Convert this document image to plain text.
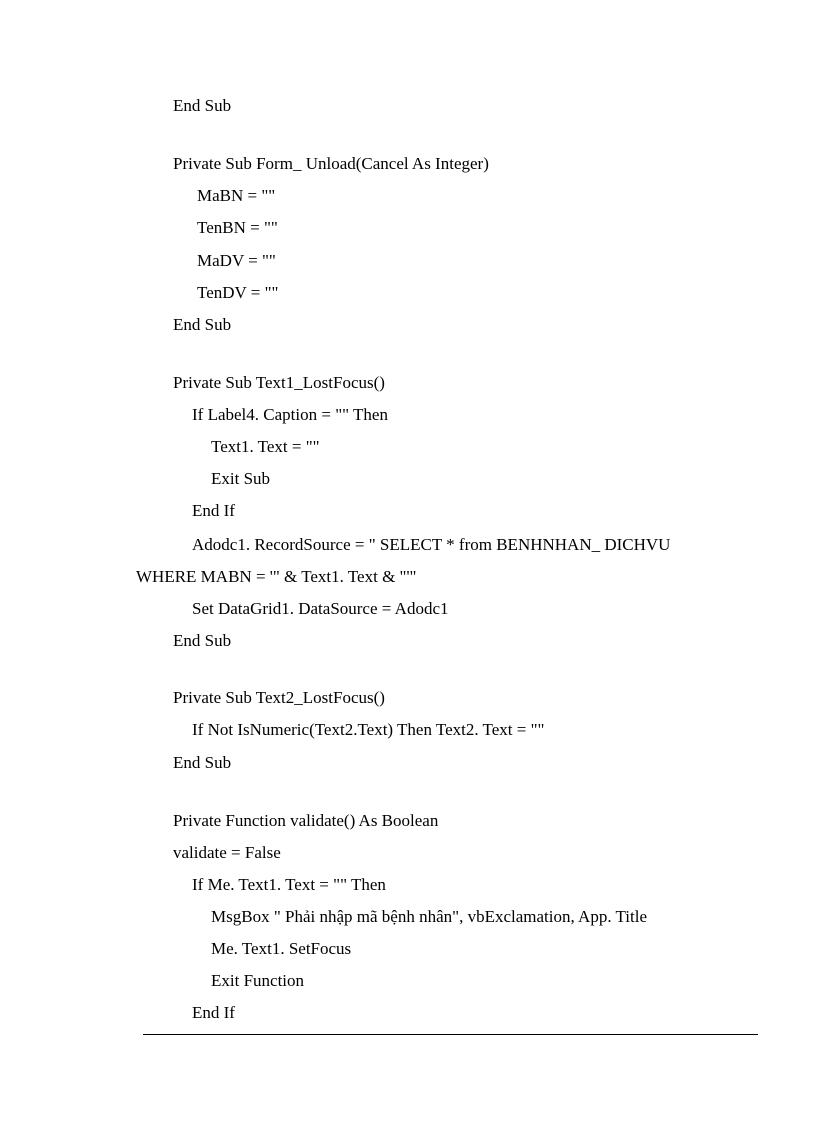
End Sub
Private Sub Form_ Unload(Cancel As Integer)
MaBN = ""
TenBN = ""
MaDV = ""
TenDV = ""
End Sub
Private Sub Text1_LostFocus()
If Label4. Caption = "" Then
Text1. Text = ""
Exit Sub
End If
Adodc1. RecordSource = " SELECT * from BENHNHAN_ DICHVU
WHERE MABN = '" & Text1. Text & "'"
Set DataGrid1. DataSource = Adodc1
End Sub
Private Sub Text2_LostFocus()
If Not IsNumeric(Text2.Text) Then Text2. Text = ""
End Sub
Private Function validate() As Boolean
validate = False
If Me. Text1. Text = "" Then
MsgBox " Phải nhập mã bệnh nhân", vbExclamation, App. Title
Me. Text1. SetFocus
Exit Function
End If
